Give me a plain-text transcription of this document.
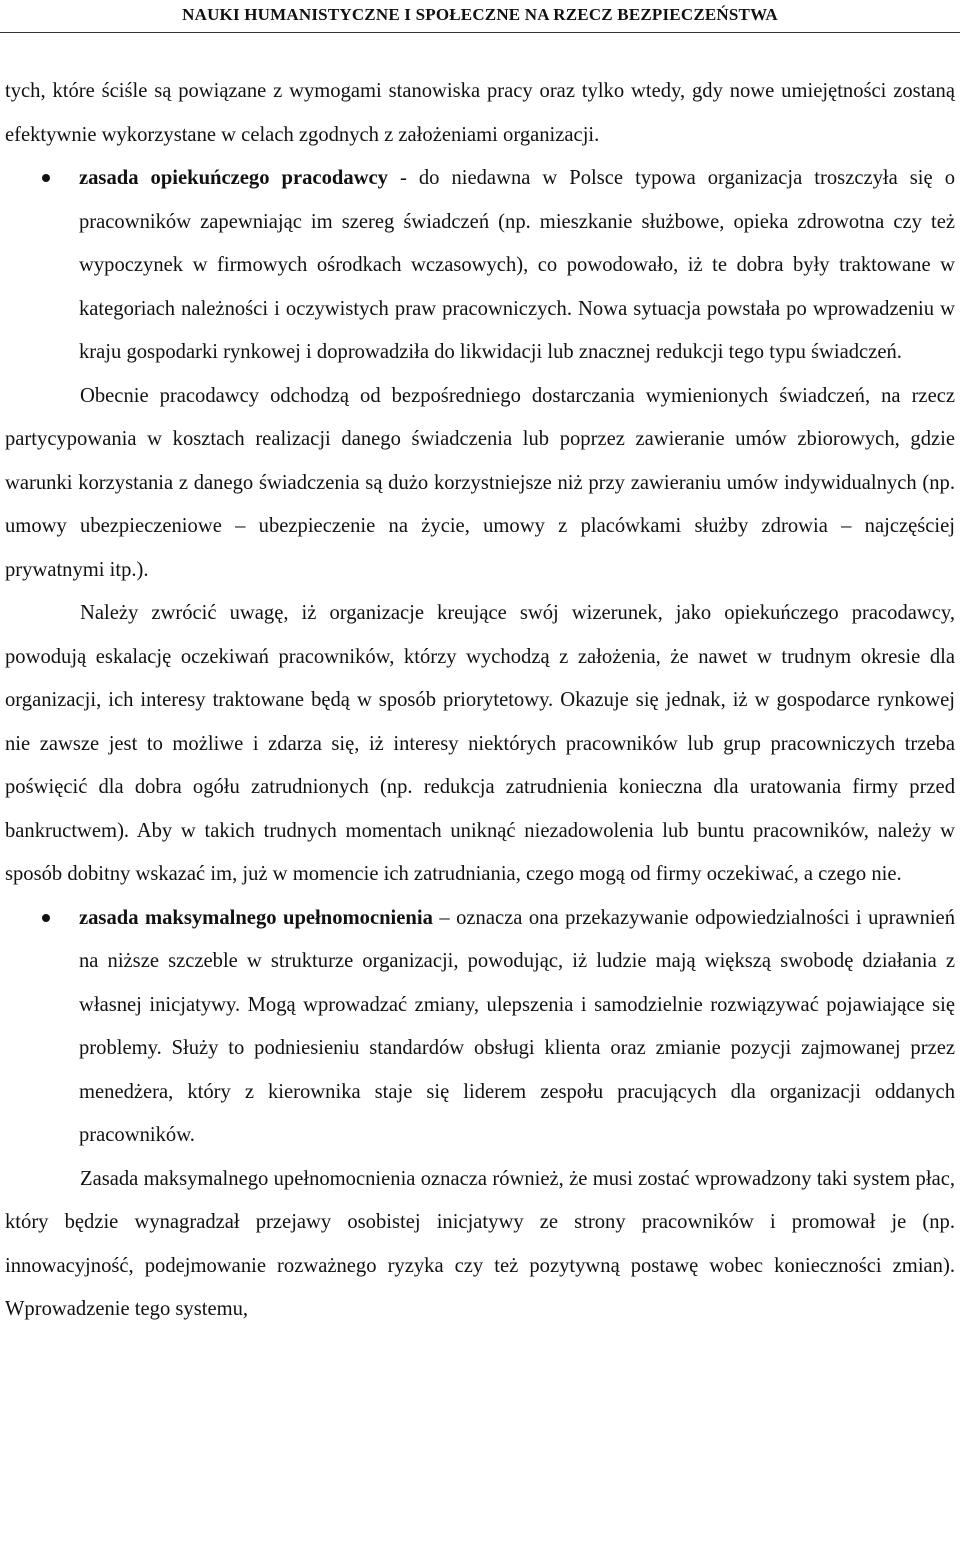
NAUKI HUMANISTYCZNE I SPOŁECZNE NA RZECZ BEZPIECZEŃSTWA

tych, które ściśle są powiązane z wymogami stanowiska pracy oraz tylko wtedy, gdy nowe umiejętności zostaną efektywnie wykorzystane w celach zgodnych z założeniami organizacji.

zasada opiekuńczego pracodawcy - do niedawna w Polsce typowa organizacja troszczyła się o pracowników zapewniając im szereg świadczeń (np. mieszkanie służbowe, opieka zdrowotna czy też wypoczynek w firmowych ośrodkach wczasowych), co powodowało, iż te dobra były traktowane w kategoriach należności i oczywistych praw pracowniczych. Nowa sytuacja powstała po wprowadzeniu w kraju gospodarki rynkowej i doprowadziła do likwidacji lub znacznej redukcji tego typu świadczeń.

Obecnie pracodawcy odchodzą od bezpośredniego dostarczania wymienionych świadczeń, na rzecz partycypowania w kosztach realizacji danego świadczenia lub poprzez zawieranie umów zbiorowych, gdzie warunki korzystania z danego świadczenia są dużo korzystniejsze niż przy zawieraniu umów indywidualnych (np. umowy ubezpieczeniowe – ubezpieczenie na życie, umowy z placówkami służby zdrowia – najczęściej prywatnymi itp.).

Należy zwrócić uwagę, iż organizacje kreujące swój wizerunek, jako opiekuńczego pracodawcy, powodują eskalację oczekiwań pracowników, którzy wychodzą z założenia, że nawet w trudnym okresie dla organizacji, ich interesy traktowane będą w sposób priorytetowy. Okazuje się jednak, iż w gospodarce rynkowej nie zawsze jest to możliwe i zdarza się, iż interesy niektórych pracowników lub grup pracowniczych trzeba poświęcić dla dobra ogółu zatrudnionych (np. redukcja zatrudnienia konieczna dla uratowania firmy przed bankructwem). Aby w takich trudnych momentach uniknąć niezadowolenia lub buntu pracowników, należy w sposób dobitny wskazać im, już w momencie ich zatrudniania, czego mogą od firmy oczekiwać, a czego nie.

zasada maksymalnego upełnomocnienia – oznacza ona przekazywanie odpowiedzialności i uprawnień na niższe szczeble w strukturze organizacji, powodując, iż ludzie mają większą swobodę działania z własnej inicjatywy. Mogą wprowadzać zmiany, ulepszenia i samodzielnie rozwiązywać pojawiające się problemy. Służy to podniesieniu standardów obsługi klienta oraz zmianie pozycji zajmowanej przez menedżera, który z kierownika staje się liderem zespołu pracujących dla organizacji oddanych pracowników.

Zasada maksymalnego upełnomocnienia oznacza również, że musi zostać wprowadzony taki system płac, który będzie wynagradzał przejawy osobistej inicjatywy ze strony pracowników i promował je (np. innowacyjność, podejmowanie rozważnego ryzyka czy też pozytywną postawę wobec konieczności zmian). Wprowadzenie tego systemu,
